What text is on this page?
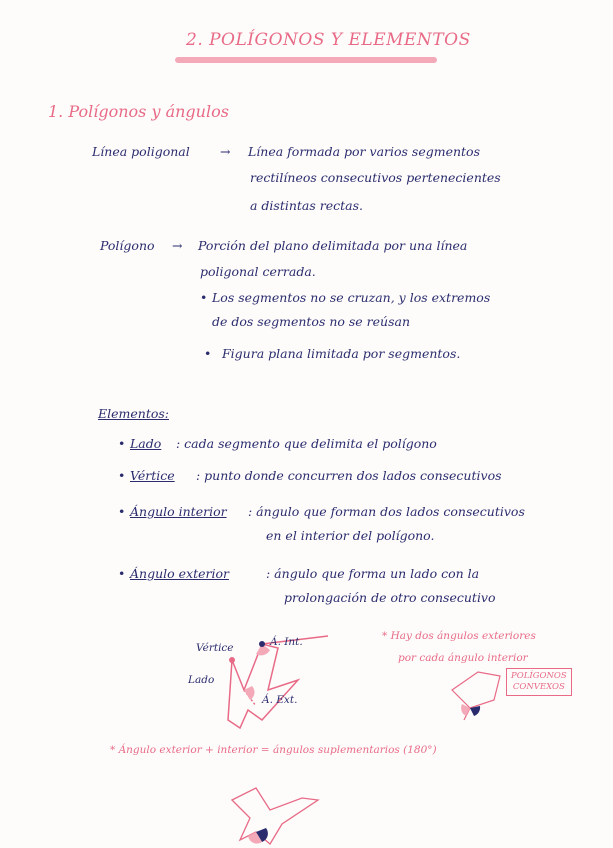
2. POLÍGONOS Y ELEMENTOS
1. Polígonos y ángulos
Línea poligonal → Línea formada por varios segmentos
rectilíneos consecutivos pertenecientes
a distintas rectas.
Polígono → Porción del plano delimitada por una línea
poligonal cerrada.
• Los segmentos no se cruzan, y los extremos
de dos segmentos no se reúsan
• Figura plana limitada por segmentos.
Elementos:
• Lado : cada segmento que delimita el polígono
• Vértice : punto donde concurren dos lados consecutivos
• Ángulo interior : ángulo que forman dos lados consecutivos
en el interior del polígono.
• Ángulo exterior	: ángulo que forma un lado con la
prolongación de otro consecutivo
Vértice
Lado
Á. Int.
Á. Ext.
* Hay dos ángulos exteriores
por cada ángulo interior
POLÍGONOS
CONVEXOS
* Ángulo exterior + interior = ángulos suplementarios (180°)
